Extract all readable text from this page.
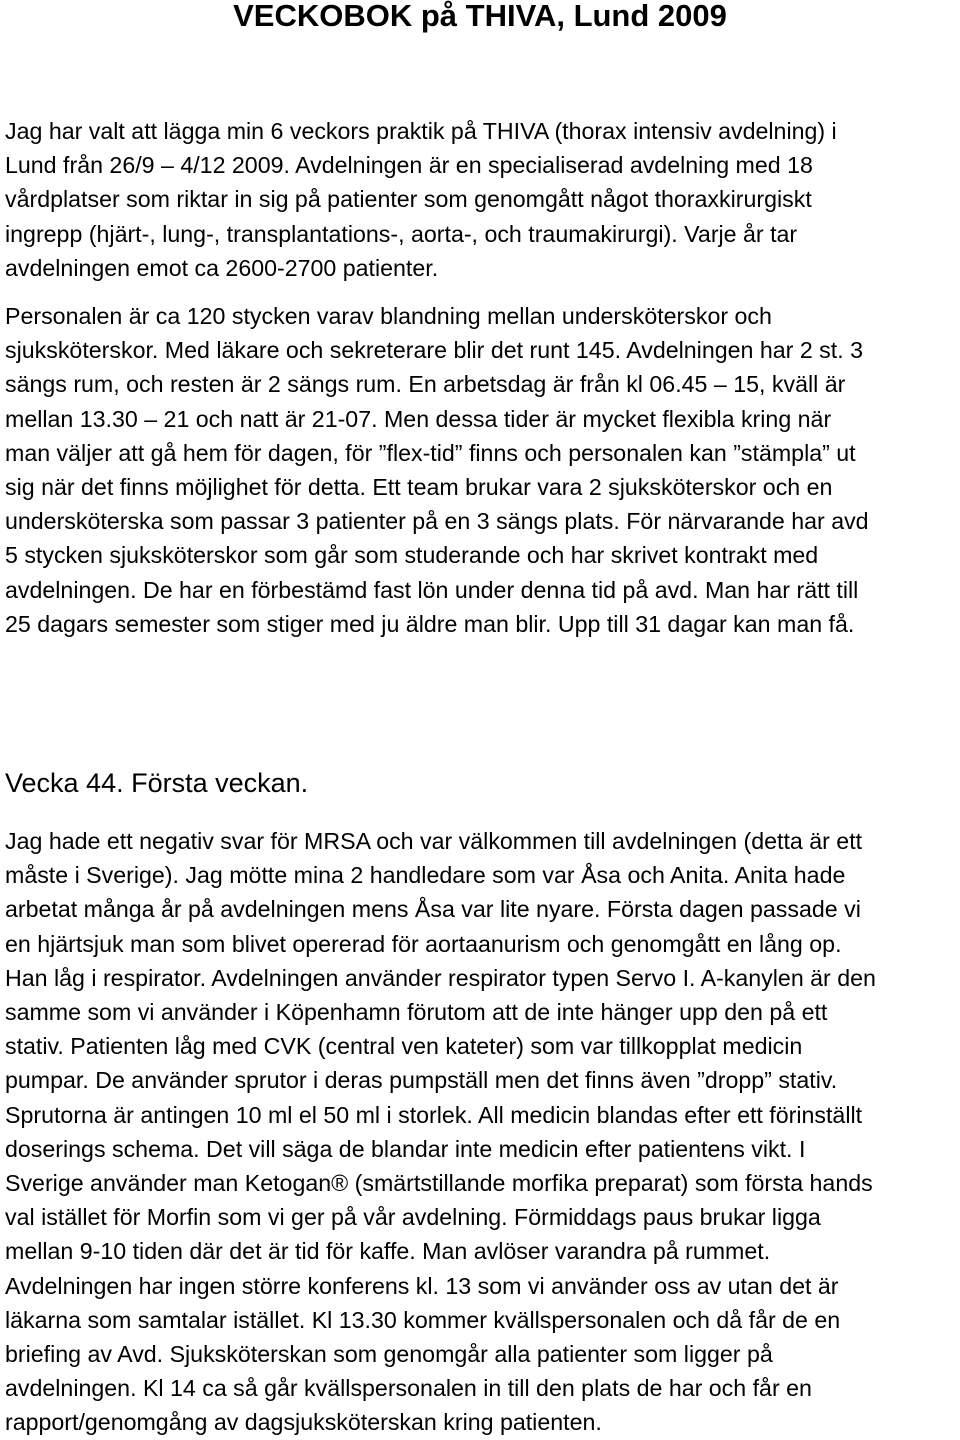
VECKOBOK på THIVA, Lund 2009

Jag har valt att lägga min 6 veckors praktik på THIVA (thorax intensiv avdelning) i
Lund från 26/9 – 4/12 2009. Avdelningen är en specialiserad avdelning med 18
vårdplatser som riktar in sig på patienter som genomgått något thoraxkirurgiskt
ingrepp (hjärt-, lung-, transplantations-, aorta-, och traumakirurgi). Varje år tar
avdelningen emot ca 2600-2700 patienter.

Personalen är ca 120 stycken varav blandning mellan undersköterskor och
sjuksköterskor. Med läkare och sekreterare blir det runt 145. Avdelningen har 2 st. 3
sängs rum, och resten är 2 sängs rum. En arbetsdag är från kl 06.45 – 15, kväll är
mellan 13.30 – 21 och natt är 21-07. Men dessa tider är mycket flexibla kring när
man väljer att gå hem för dagen, för ”flex-tid” finns och personalen kan ”stämpla” ut
sig när det finns möjlighet för detta. Ett team brukar vara 2 sjuksköterskor och en
undersköterska som passar 3 patienter på en 3 sängs plats. För närvarande har avd
5 stycken sjuksköterskor som går som studerande och har skrivet kontrakt med
avdelningen. De har en förbestämd fast lön under denna tid på avd. Man har rätt till
25 dagars semester som stiger med ju äldre man blir. Upp till 31 dagar kan man få.

Vecka 44. Första veckan.

Jag hade ett negativ svar för MRSA och var välkommen till avdelningen (detta är ett
måste i Sverige). Jag mötte mina 2 handledare som var Åsa och Anita. Anita hade
arbetat många år på avdelningen mens Åsa var lite nyare. Första dagen passade vi
en hjärtsjuk man som blivet opererad för aortaanurism och genomgått en lång op.
Han låg i respirator. Avdelningen använder respirator typen Servo I. A-kanylen är den
samme som vi använder i Köpenhamn förutom att de inte hänger upp den på ett
stativ. Patienten låg med CVK (central ven kateter) som var tillkopplat medicin
pumpar. De använder sprutor i deras pumpställ men det finns även ”dropp” stativ.
Sprutorna är antingen 10 ml el 50 ml i storlek. All medicin blandas efter ett förinställt
doserings schema. Det vill säga de blandar inte medicin efter patientens vikt. I
Sverige använder man Ketogan® (smärtstillande morfika preparat) som första hands
val istället för Morfin som vi ger på vår avdelning. Förmiddags paus brukar ligga
mellan 9-10 tiden där det är tid för kaffe. Man avlöser varandra på rummet.
Avdelningen har ingen större konferens kl. 13 som vi använder oss av utan det är
läkarna som samtalar istället. Kl 13.30 kommer kvällspersonalen och då får de en
briefing av Avd. Sjuksköterskan som genomgår alla patienter som ligger på
avdelningen. Kl 14 ca så går kvällspersonalen in till den plats de har och får en
rapport/genomgång av dagsjuksköterskan kring patienten.
